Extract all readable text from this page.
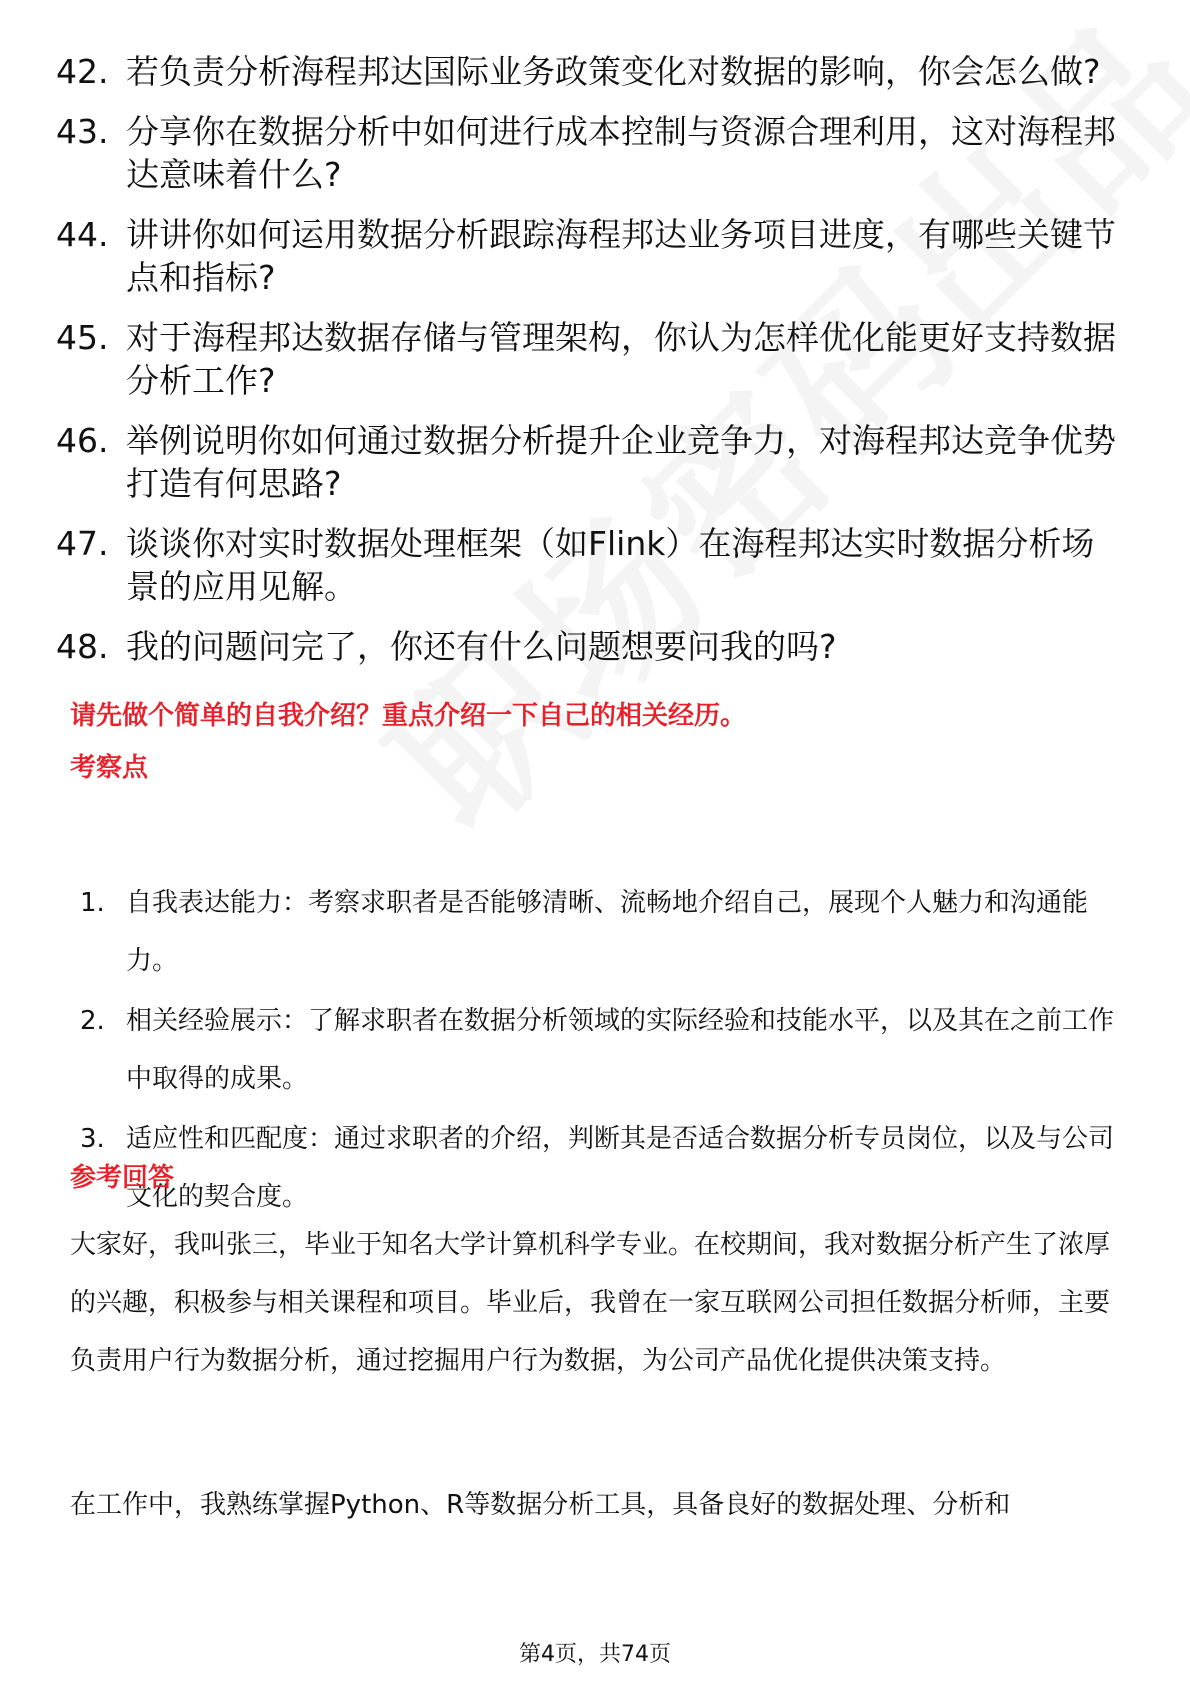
42. 若负责分析海程邦达国际业务政策变化对数据的影响，你会怎么做?
43. 分享你在数据分析中如何进行成本控制与资源合理利用，这对海程邦达意味着什么?
44. 讲讲你如何运用数据分析跟踪海程邦达业务项目进度，有哪些关键节点和指标?
45. 对于海程邦达数据存储与管理架构，你认为怎样优化能更好支持数据分析工作?
46. 举例说明你如何通过数据分析提升企业竞争力，对海程邦达竞争优势打造有何思路?
47. 谈谈你对实时数据处理框架（如Flink）在海程邦达实时数据分析场景的应用见解。
48. 我的问题问完了，你还有什么问题想要问我的吗?
请先做个简单的自我介绍？重点介绍一下自己的相关经历。
考察点
1. 自我表达能力：考察求职者是否能够清晰、流畅地介绍自己，展现个人魅力和沟通能力。
2. 相关经验展示：了解求职者在数据分析领域的实际经验和技能水平，以及其在之前工作中取得的成果。
3. 适应性和匹配度：通过求职者的介绍，判断其是否适合数据分析专员岗位，以及与公司文化的契合度。
参考回答
大家好，我叫张三，毕业于知名大学计算机科学专业。在校期间，我对数据分析产生了浓厚的兴趣，积极参与相关课程和项目。毕业后，我曾在一家互联网公司担任数据分析师，主要负责用户行为数据分析，通过挖掘用户行为数据，为公司产品优化提供决策支持。
在工作中，我熟练掌握Python、R等数据分析工具，具备良好的数据处理、分析和
第4页，共74页
